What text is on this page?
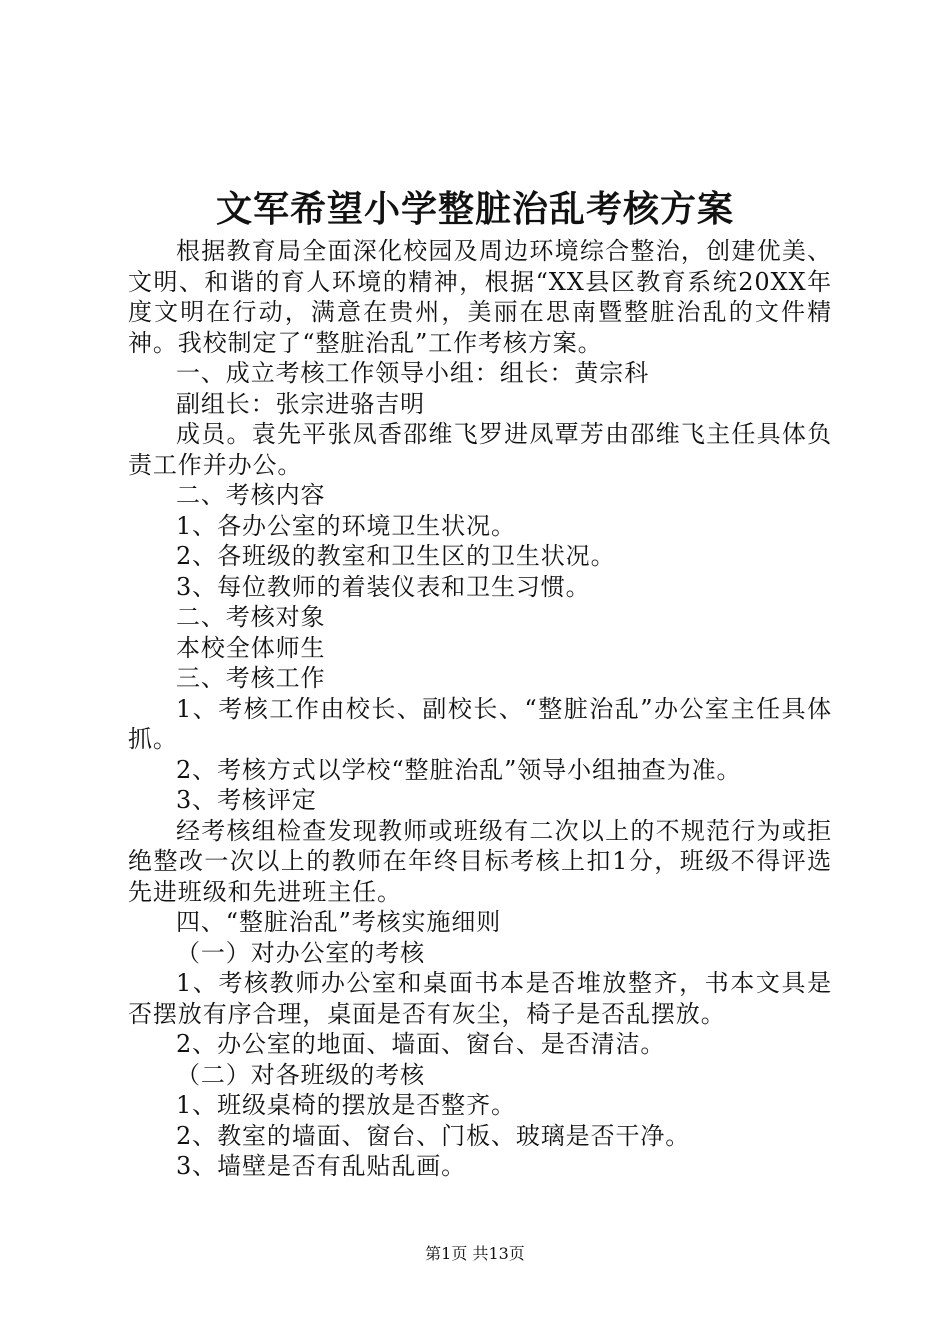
文军希望小学整脏治乱考核方案

根据教育局全面深化校园及周边环境综合整治，创建优美、文明、和谐的育人环境的精神，根据“XX县区教育系统20XX年度文明在行动，满意在贵州，美丽在思南暨整脏治乱的文件精神。我校制定了“整脏治乱”工作考核方案。

一、成立考核工作领导小组：组长：黄宗科

副组长：张宗进骆吉明

成员。袁先平张凤香邵维飞罗进凤覃芳由邵维飞主任具体负责工作并办公。

二、考核内容

1、各办公室的环境卫生状况。

2、各班级的教室和卫生区的卫生状况。

3、每位教师的着装仪表和卫生习惯。

二、考核对象

本校全体师生

三、考核工作

1、考核工作由校长、副校长、“整脏治乱”办公室主任具体抓。

2、考核方式以学校“整脏治乱”领导小组抽查为准。

3、考核评定

经考核组检查发现教师或班级有二次以上的不规范行为或拒绝整改一次以上的教师在年终目标考核上扣1分，班级不得评选先进班级和先进班主任。

四、“整脏治乱”考核实施细则

（一）对办公室的考核

1、考核教师办公室和桌面书本是否堆放整齐，书本文具是否摆放有序合理，桌面是否有灰尘，椅子是否乱摆放。

2、办公室的地面、墙面、窗台、是否清洁。

（二）对各班级的考核

1、班级桌椅的摆放是否整齐。

2、教室的墙面、窗台、门板、玻璃是否干净。

3、墙壁是否有乱贴乱画。

第1页 共13页
